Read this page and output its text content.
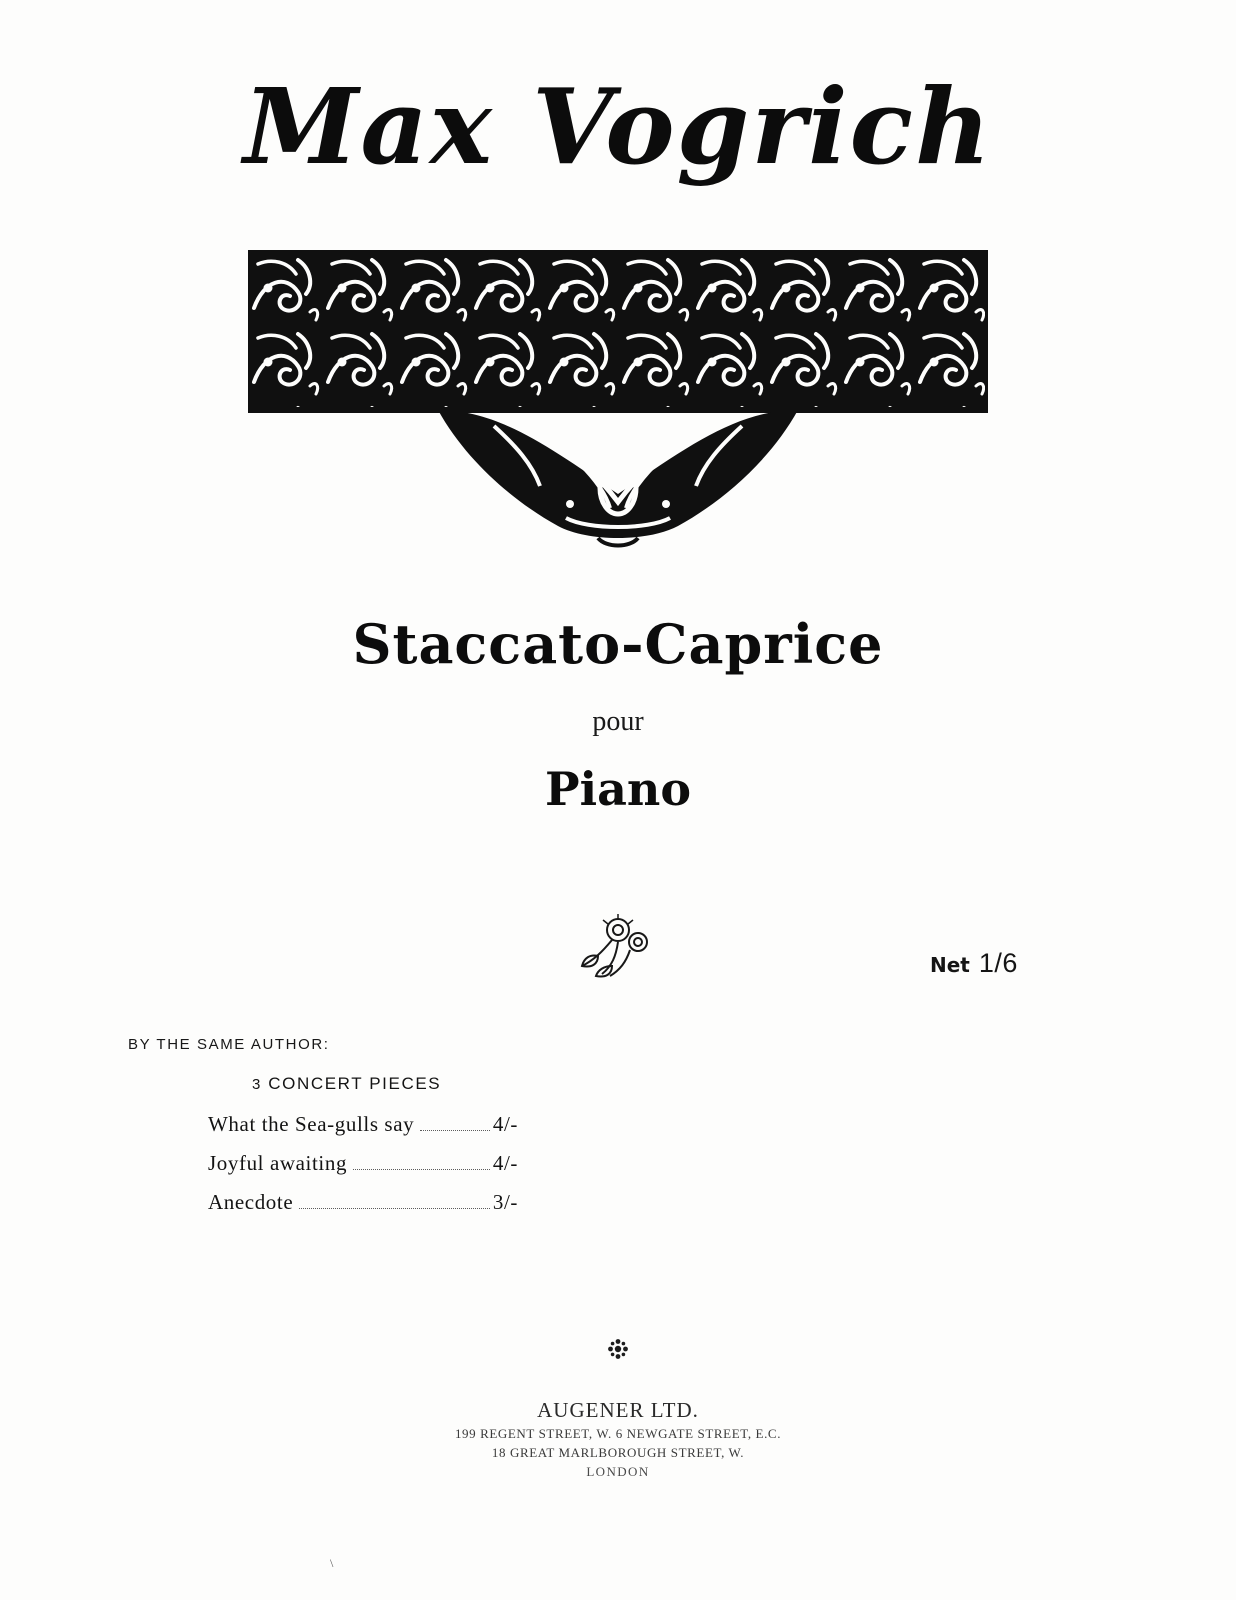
Max Vogrich
Staccato-Caprice
pour
Piano
Net 1/6
BY THE SAME AUTHOR:
3 CONCERT PIECES
What the Sea-gulls say	4/-
Joyful awaiting	4/-
Anecdote	3/-
AUGENER LTD.
199 REGENT STREET, W. 6 NEWGATE STREET, E.C.
18 GREAT MARLBOROUGH STREET, W.
LONDON
\
